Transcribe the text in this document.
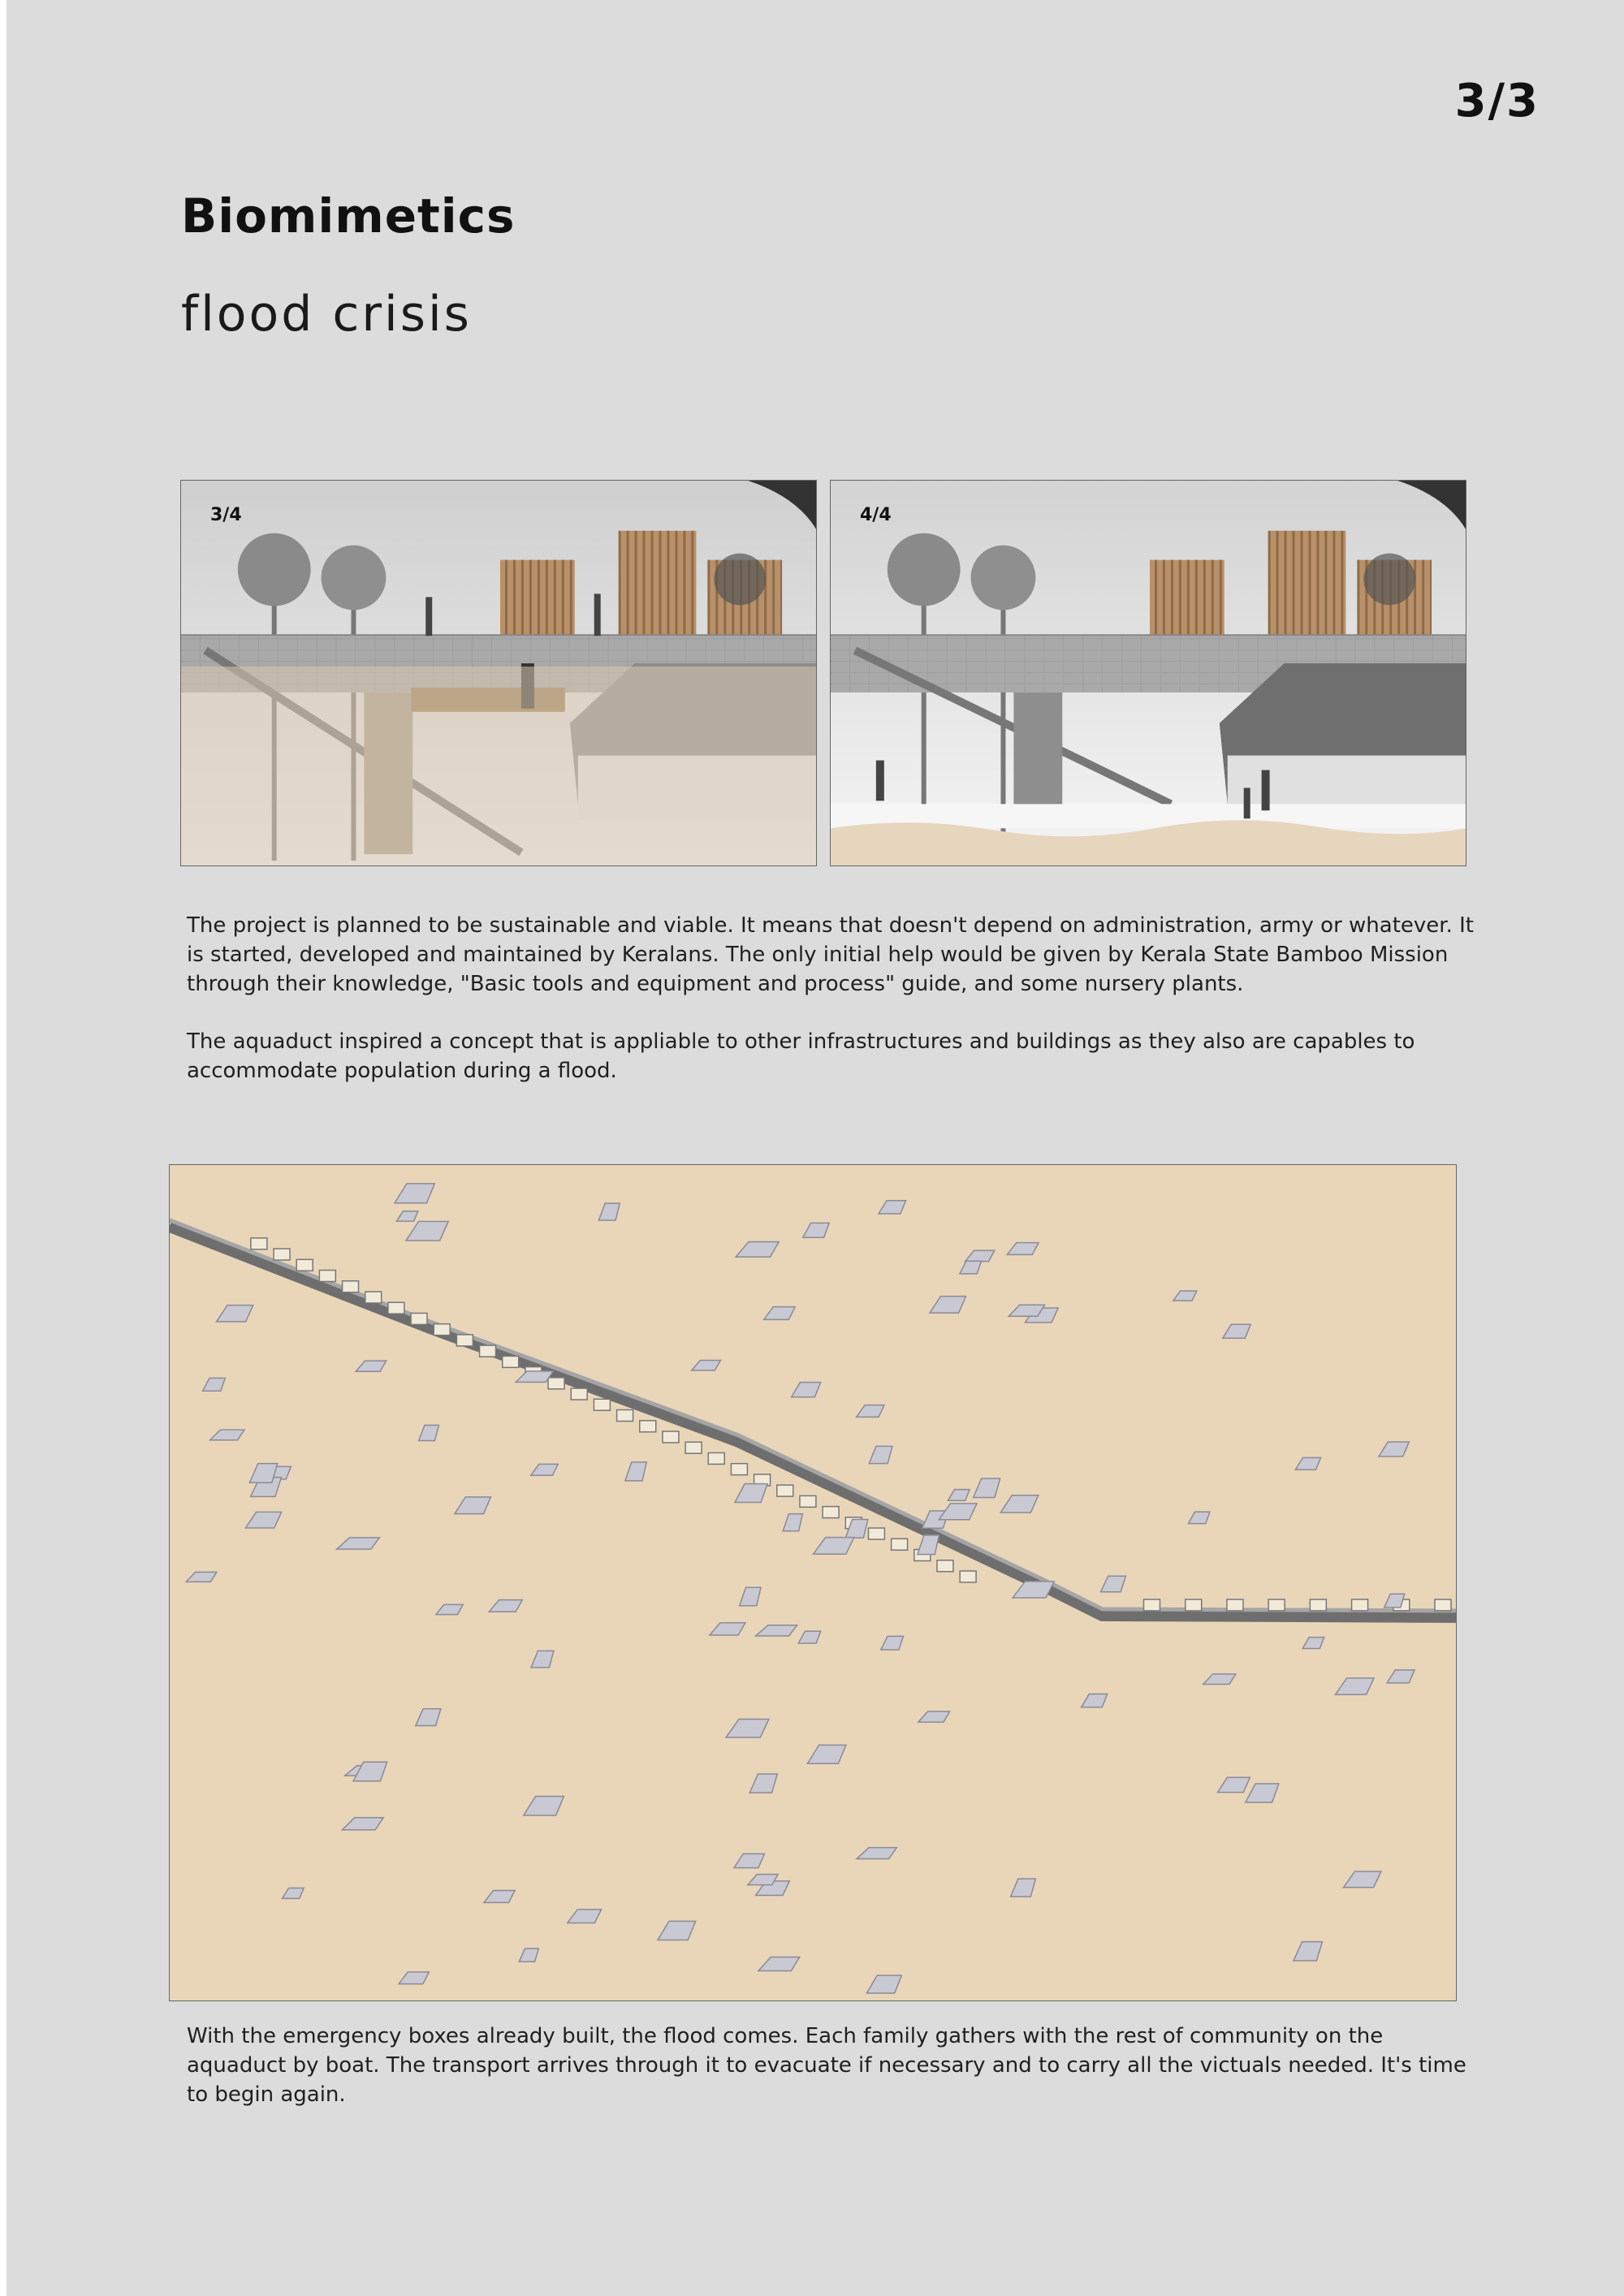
3/3
Biomimetics
flood crisis
3/4	4/4

The project is planned to be sustainable and viable. It means that doesn't depend on administration, army or whatever. It is started, developed and maintained by Keralans. The only initial help would be given by Kerala State Bamboo Mission through their knowledge, "Basic tools and equipment and process" guide, and some nursery plants.

The aquaduct inspired a concept that is appliable to other infrastructures and buildings as they also are capables to accommodate population during a flood.

With the emergency boxes already built, the flood comes. Each family gathers with the rest of community on the aquaduct by boat. The transport arrives through it to evacuate if necessary and to carry all the victuals needed. It's time to begin again.
